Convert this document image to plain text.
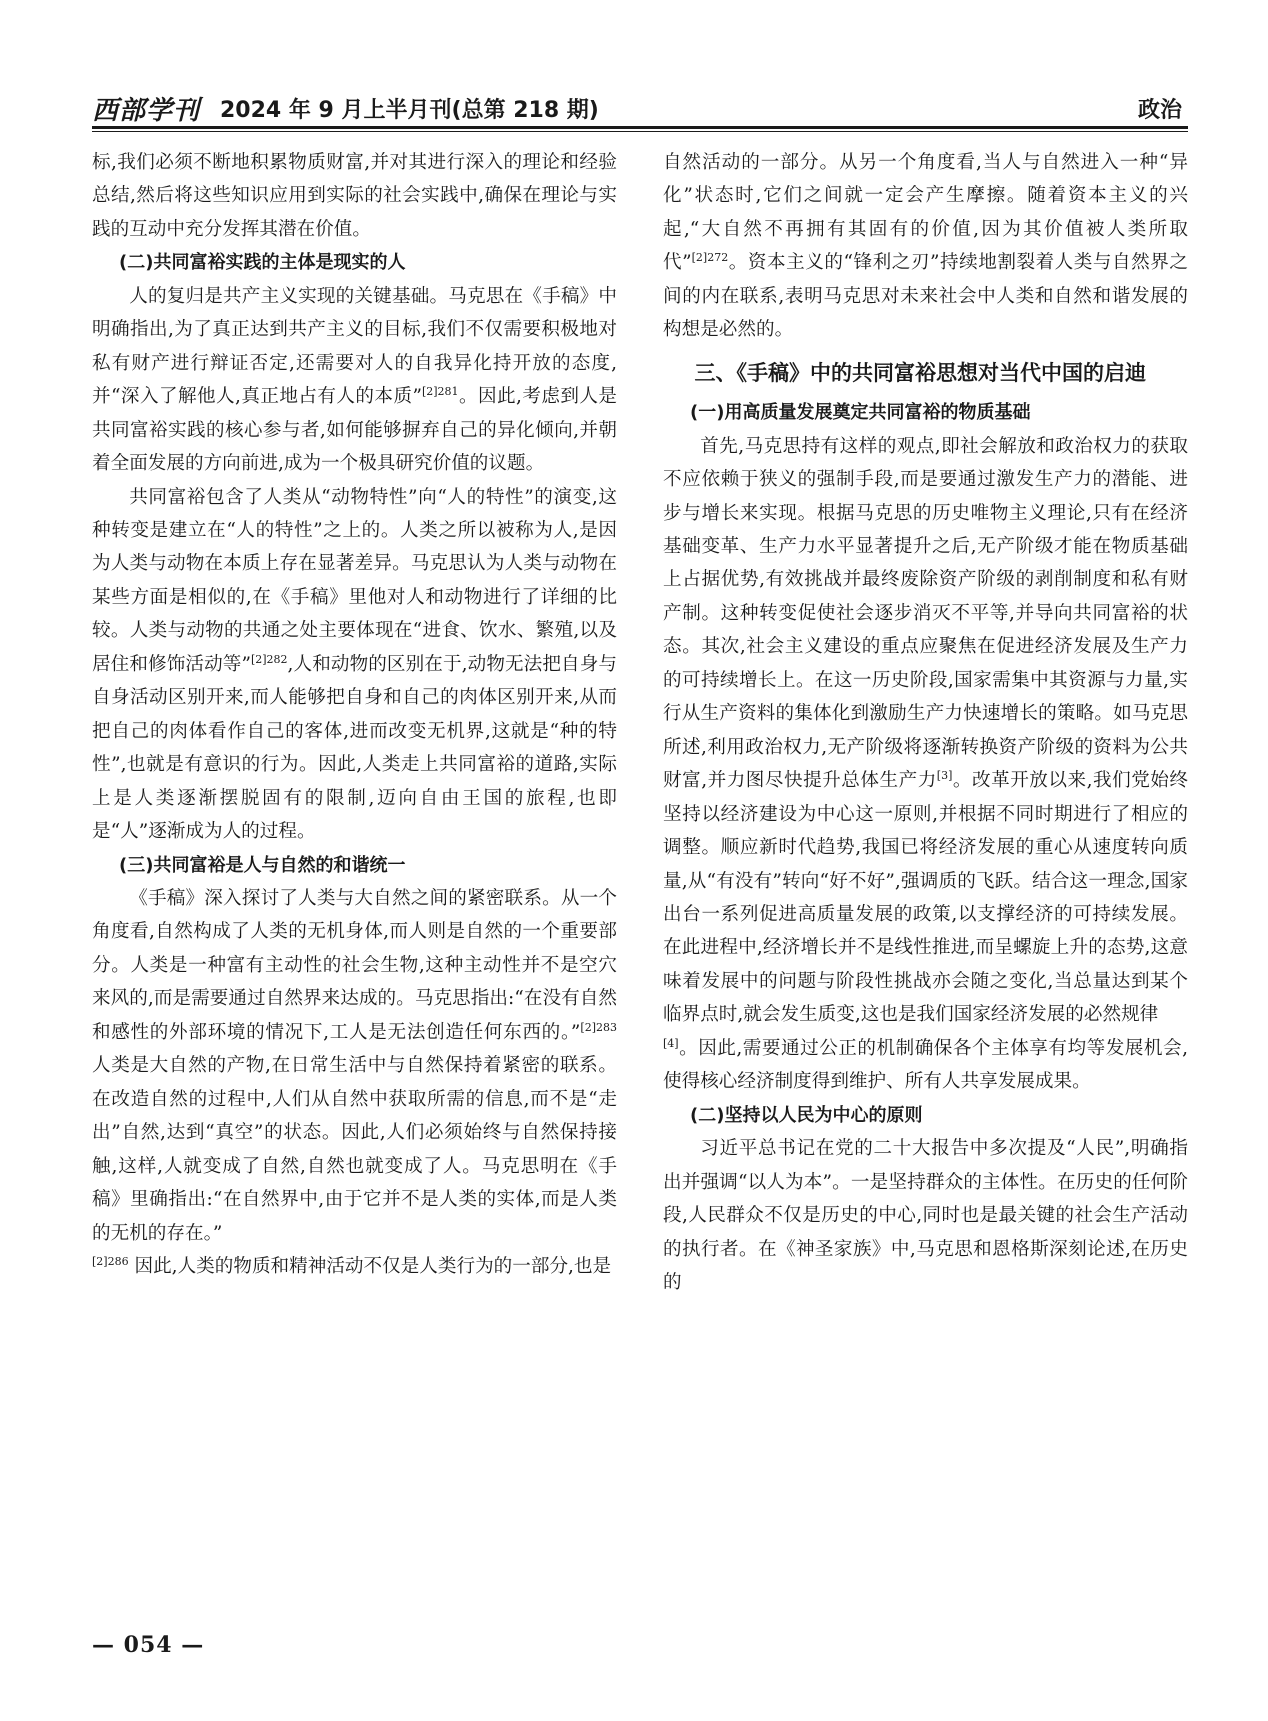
西部学刊 2024 年 9 月上半月刊(总第 218 期)	政治

标,我们必须不断地积累物质财富,并对其进行深入的理论和经验总结,然后将这些知识应用到实际的社会实践中,确保在理论与实践的互动中充分发挥其潜在价值。

(二)共同富裕实践的主体是现实的人

人的复归是共产主义实现的关键基础。马克思在《手稿》中明确指出,为了真正达到共产主义的目标,我们不仅需要积极地对私有财产进行辩证否定,还需要对人的自我异化持开放的态度,并“深入了解他人,真正地占有人的本质”$^{[2]281}$。因此,考虑到人是共同富裕实践的核心参与者,如何能够摒弃自己的异化倾向,并朝着全面发展的方向前进,成为一个极具研究价值的议题。

共同富裕包含了人类从“动物特性”向“人的特性”的演变,这种转变是建立在“人的特性”之上的。人类之所以被称为人,是因为人类与动物在本质上存在显著差异。马克思认为人类与动物在某些方面是相似的,在《手稿》里他对人和动物进行了详细的比较。人类与动物的共通之处主要体现在“进食、饮水、繁殖,以及居住和修饰活动等”$^{[2]282}$,人和动物的区别在于,动物无法把自身与自身活动区别开来,而人能够把自身和自己的肉体区别开来,从而把自己的肉体看作自己的客体,进而改变无机界,这就是“种的特性”,也就是有意识的行为。因此,人类走上共同富裕的道路,实际上是人类逐渐摆脱固有的限制,迈向自由王国的旅程,也即是“人”逐渐成为人的过程。

(三)共同富裕是人与自然的和谐统一

《手稿》深入探讨了人类与大自然之间的紧密联系。从一个角度看,自然构成了人类的无机身体,而人则是自然的一个重要部分。人类是一种富有主动性的社会生物,这种主动性并不是空穴来风的,而是需要通过自然界来达成的。马克思指出:“在没有自然和感性的外部环境的情况下,工人是无法创造任何东西的。”$^{[2]283}$ 人类是大自然的产物,在日常生活中与自然保持着紧密的联系。在改造自然的过程中,人们从自然中获取所需的信息,而不是“走出”自然,达到“真空”的状态。因此,人们必须始终与自然保持接触,这样,人就变成了自然,自然也就变成了人。马克思明在《手稿》里确指出:“在自然界中,由于它并不是人类的实体,而是人类的无机的存在。”

$^{[2]286}$ 因此,人类的物质和精神活动不仅是人类行为的一部分,也是

自然活动的一部分。从另一个角度看,当人与自然进入一种“异化”状态时,它们之间就一定会产生摩擦。随着资本主义的兴起,“大自然不再拥有其固有的价值,因为其价值被人类所取代”$^{[2]272}$。资本主义的“锋利之刃”持续地割裂着人类与自然界之间的内在联系,表明马克思对未来社会中人类和自然和谐发展的构想是必然的。

三、《手稿》中的共同富裕思想对当代中国的启迪

(一)用高质量发展奠定共同富裕的物质基础

首先,马克思持有这样的观点,即社会解放和政治权力的获取不应依赖于狭义的强制手段,而是要通过激发生产力的潜能、进步与增长来实现。根据马克思的历史唯物主义理论,只有在经济基础变革、生产力水平显著提升之后,无产阶级才能在物质基础上占据优势,有效挑战并最终废除资产阶级的剥削制度和私有财产制。这种转变促使社会逐步消灭不平等,并导向共同富裕的状态。其次,社会主义建设的重点应聚焦在促进经济发展及生产力的可持续增长上。在这一历史阶段,国家需集中其资源与力量,实行从生产资料的集体化到激励生产力快速增长的策略。如马克思所述,利用政治权力,无产阶级将逐渐转换资产阶级的资料为公共财富,并力图尽快提升总体生产力[3]。改革开放以来,我们党始终坚持以经济建设为中心这一原则,并根据不同时期进行了相应的调整。顺应新时代趋势,我国已将经济发展的重心从速度转向质量,从“有没有”转向“好不好”,强调质的飞跃。结合这一理念,国家出台一系列促进高质量发展的政策,以支撑经济的可持续发展。在此进程中,经济增长并不是线性推进,而呈螺旋上升的态势,这意味着发展中的问题与阶段性挑战亦会随之变化,当总量达到某个临界点时,就会发生质变,这也是我们国家经济发展的必然规律

[4]。因此,需要通过公正的机制确保各个主体享有均等发展机会,使得核心经济制度得到维护、所有人共享发展成果。

(二)坚持以人民为中心的原则

习近平总书记在党的二十大报告中多次提及“人民”,明确指出并强调“以人为本”。一是坚持群众的主体性。在历史的任何阶段,人民群众不仅是历史的中心,同时也是最关键的社会生产活动的执行者。在《神圣家族》中,马克思和恩格斯深刻论述,在历史的

— 054 —
